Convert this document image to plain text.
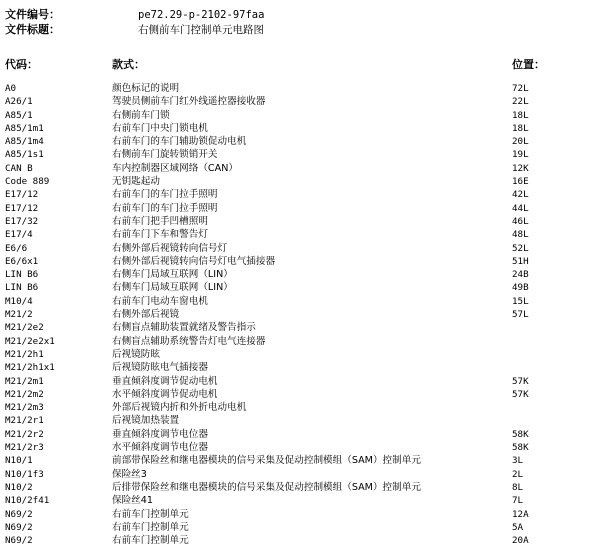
文件编号：	pe72.29-p-2102-97faa
文件标题：	右侧前车门控制单元电路图
代码：	款式：	位置：
A0	颜色标记的说明	72L
A26/1	驾驶员侧前车门红外线遥控器接收器	22L
A85/1	右侧前车门锁	18L
A85/1m1	右前车门中央门锁电机	18L
A85/1m4	右前车门的车门辅助锁促动电机	20L
A85/1s1	右侧前车门旋转锁销开关	19L
CAN B	车内控制器区域网络（CAN）	12K
Code 889	无钥匙起动	16E
E17/12	右前车门的车门拉手照明	42L
E17/12	右前车门的车门拉手照明	44L
E17/32	右前车门把手凹槽照明	46L
E17/4	右前车门下车和警告灯	48L
E6/6	右侧外部后视镜转向信号灯	52L
E6/6x1	右侧外部后视镜转向信号灯电气插接器	51H
LIN B6	右侧车门局域互联网（LIN）	24B
LIN B6	右侧车门局域互联网（LIN）	49B
M10/4	右前车门电动车窗电机	15L
M21/2	右侧外部后视镜	57L
M21/2e2	右侧盲点辅助装置就绪及警告指示
M21/2e2x1	右侧盲点辅助系统警告灯电气连接器
M21/2h1	后视镜防眩
M21/2h1x1	后视镜防眩电气插接器
M21/2m1	垂直倾斜度调节促动电机	57K
M21/2m2	水平倾斜度调节促动电机	57K
M21/2m3	外部后视镜内折和外折电动电机
M21/2r1	后视镜加热装置
M21/2r2	垂直倾斜度调节电位器	58K
M21/2r3	水平倾斜度调节电位器	58K
N10/1	前部带保险丝和继电器模块的信号采集及促动控制模组（SAM）控制单元	3L
N10/1f3	保险丝3	2L
N10/2	后排带保险丝和继电器模块的信号采集及促动控制模组（SAM）控制单元	8L
N10/2f41	保险丝41	7L
N69/2	右前车门控制单元	12A
N69/2	右前车门控制单元	5A
N69/2	右前车门控制单元	20A
